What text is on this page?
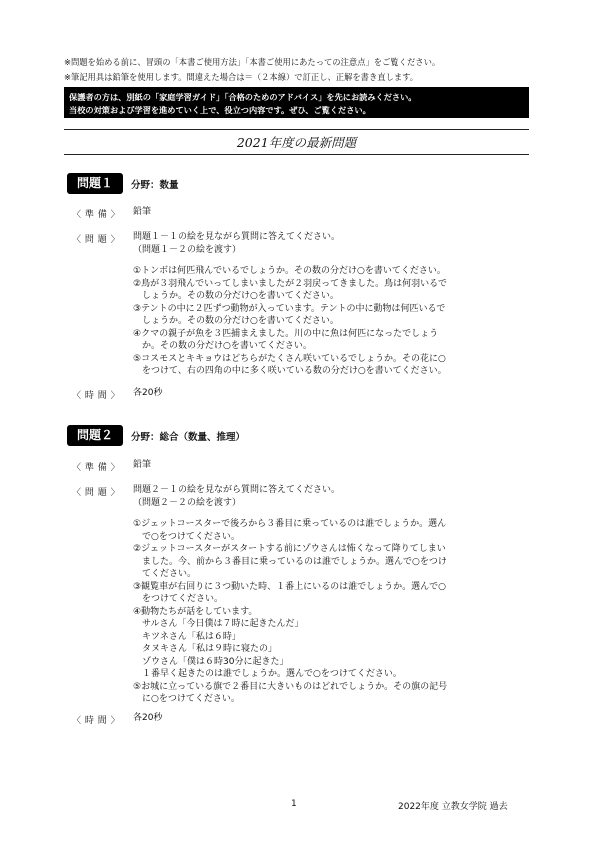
※問題を始める前に、冒頭の「本書ご使用方法」「本書ご使用にあたっての注意点」をご覧ください。
※筆記用具は鉛筆を使用します。間違えた場合は＝（２本線）で訂正し、正解を書き直します。
保護者の方は、別紙の「家庭学習ガイド」「合格のためのアドバイス」を先にお読みください。
当校の対策および学習を進めていく上で、役立つ内容です。ぜひ、ご覧ください。
2021年度の最新問題
問題１	分野：数量
〈 準 備 〉 鉛筆
〈 問 題 〉 問題１－１の絵を見ながら質問に答えてください。
（問題１－２の絵を渡す）
①トンボは何匹飛んでいるでしょうか。その数の分だけ○を書いてください。
②鳥が３羽飛んでいってしまいましたが２羽戻ってきました。鳥は何羽いるで
　しょうか。その数の分だけ○を書いてください。
③テントの中に２匹ずつ動物が入っています。テントの中に動物は何匹いるで
　しょうか。その数の分だけ○を書いてください。
④クマの親子が魚を３匹捕まえました。川の中に魚は何匹になったでしょう
　か。その数の分だけ○を書いてください。
⑤コスモスとキキョウはどちらがたくさん咲いているでしょうか。その花に○
　をつけて、右の四角の中に多く咲いている数の分だけ○を書いてください。
〈 時 間 〉 各20秒
問題２	分野：総合（数量、推理）
〈 準 備 〉 鉛筆
〈 問 題 〉 問題２－１の絵を見ながら質問に答えてください。
（問題２－２の絵を渡す）
①ジェットコースターで後ろから３番目に乗っているのは誰でしょうか。選ん
　で○をつけてください。
②ジェットコースターがスタートする前にゾウさんは怖くなって降りてしまい
　ました。今、前から３番目に乗っているのは誰でしょうか。選んで○をつけ
　てください。
③観覧車が右回りに３つ動いた時、１番上にいるのは誰でしょうか。選んで○
　をつけてください。
④動物たちが話をしています。
　サルさん「今日僕は７時に起きたんだ」
　キツネさん「私は６時」
　タヌキさん「私は９時に寝たの」
　ゾウさん「僕は６時30分に起きた」
　１番早く起きたのは誰でしょうか。選んで○をつけてください。
⑤お城に立っている旗で２番目に大きいものはどれでしょうか。その旗の記号
　に○をつけてください。
〈 時 間 〉 各20秒
1	2022年度 立教女学院 過去
